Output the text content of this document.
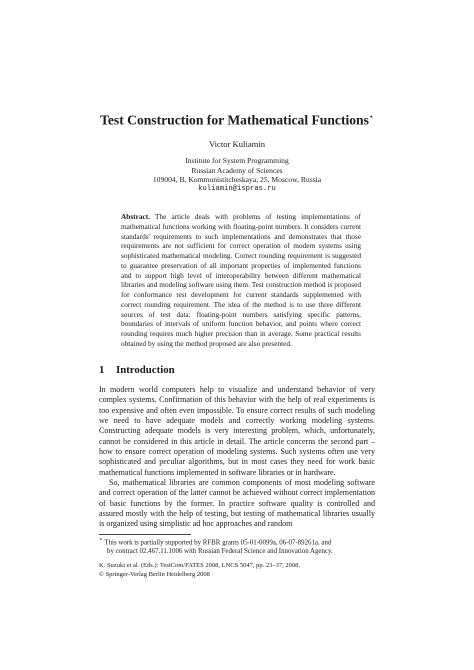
Test Construction for Mathematical Functions⋆
Victor Kuliamin
Institute for System Programming
Russian Academy of Sciences
109004, B. Kommunistitcheskaya, 25, Moscow, Russia
kuliamin@ispras.ru
Abstract. The article deals with problems of testing implementations of mathematical functions working with floating-point numbers. It considers current standards' requirements to such implementations and demonstrates that those requirements are not sufficient for correct operation of modern systems using sophisticated mathematical modeling. Correct rounding requirement is suggested to guarantee preservation of all important properties of implemented functions and to support high level of interoperability between different mathematical libraries and modeling software using them. Test construction method is proposed for conformance test development for current standards supplemented with correct rounding requirement. The idea of the method is to use three different sources of test data: floating-point numbers satisfying specific patterns, boundaries of intervals of uniform function behavior, and points where correct rounding requires much higher precision than in average. Some practical results obtained by using the method proposed are also presented.
1 Introduction

In modern world computers help to visualize and understand behavior of very complex systems. Confirmation of this behavior with the help of real experiments is too expensive and often even impossible. To ensure correct results of such modeling we need to have adequate models and correctly working modeling systems. Constructing adequate models is very interesting problem, which, unfortunately, cannot be considered in this article in detail. The article concerns the second part – how to ensure correct operation of modeling systems. Such systems often use very sophisticated and peculiar algorithms, but in most cases they need for work basic mathematical functions implemented in software libraries or in hardware.

So, mathematical libraries are common components of most modeling software and correct operation of the latter cannot be achieved without correct implementation of basic functions by the former. In practice software quality is controlled and assured mostly with the help of testing, but testing of mathematical libraries usually is organized using simplistic ad hoc approaches and random

⋆ This work is partially supported by RFBR grants 05-01-0099a, 06-07-89261a, and
by contract 02.467.11.1006 with Russian Federal Science and Innovation Agency.
K. Suzuki et al. (Eds.): TestCom/FATES 2008, LNCS 5047, pp. 23–37, 2008.
© Springer-Verlag Berlin Heidelberg 2008
